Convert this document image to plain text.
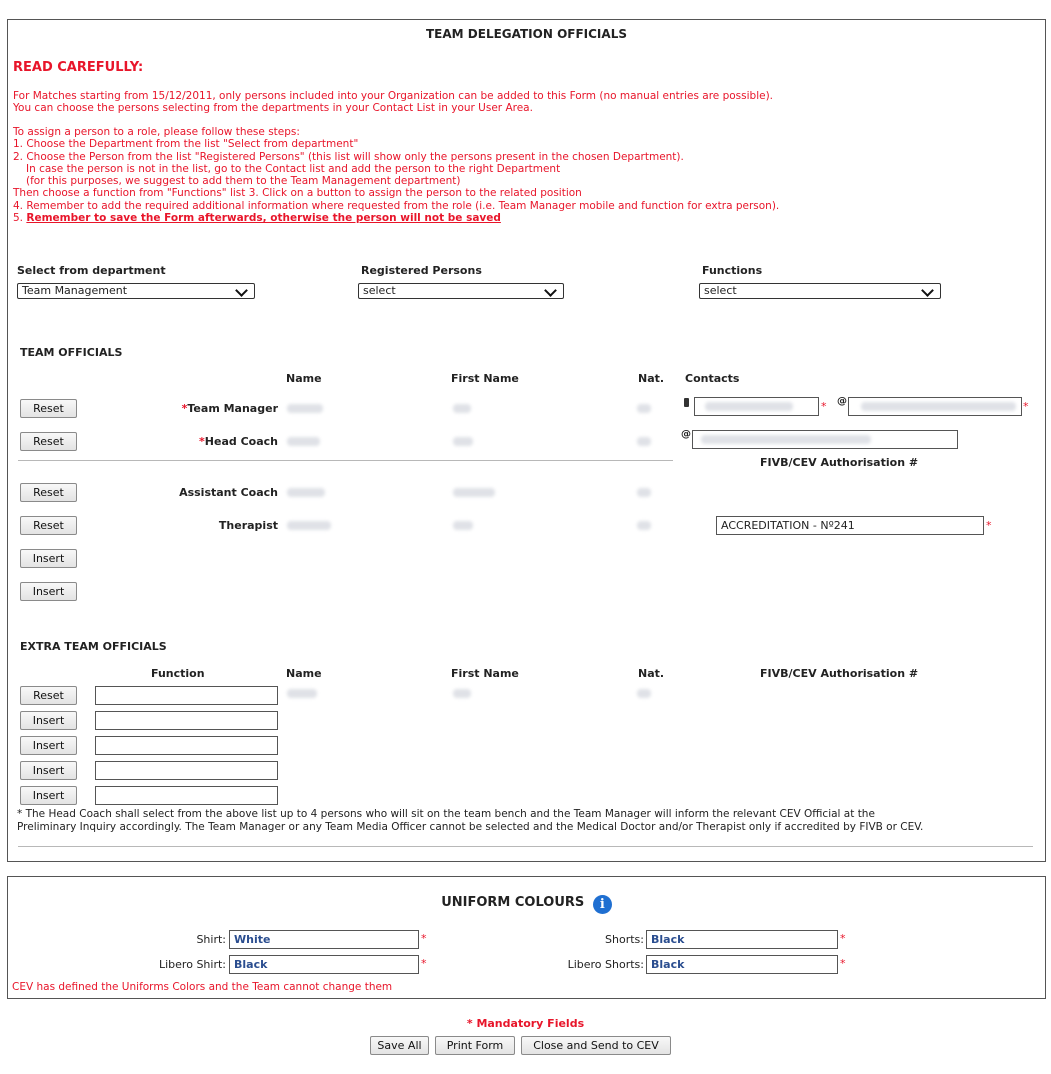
TEAM DELEGATION OFFICIALS
READ CAREFULLY:
For Matches starting from 15/12/2011, only persons included into your Organization can be added to this Form (no manual entries are possible).
You can choose the persons selecting from the departments in your Contact List in your User Area.
To assign a person to a role, please follow these steps:
1. Choose the Department from the list "Select from department"
2. Choose the Person from the list "Registered Persons" (this list will show only the persons present in the chosen Department).
In case the person is not in the list, go to the Contact list and add the person to the right Department
(for this purposes, we suggest to add them to the Team Management department)
Then choose a function from "Functions" list 3. Click on a button to assign the person to the related position
4. Remember to add the required additional information where requested from the role (i.e. Team Manager mobile and function for extra person).
5. Remember to save the Form afterwards, otherwise the person will not be saved
Select from department
Team Management
Registered Persons
select
Functions
select
TEAM OFFICIALS
Name	First Name	Nat. Contacts
Reset	*Team Manager	* @	*
Reset	*Head Coach
@
FIVB/CEV Authorisation #
Reset	Assistant Coach
Reset	Therapist	ACCREDITATION - Nº241	*
Insert
Insert
EXTRA TEAM OFFICIALS
Function	Name	First Name	Nat.	FIVB/CEV Authorisation #
Reset
Insert
Insert
Insert
Insert
* The Head Coach shall select from the above list up to 4 persons who will sit on the team bench and the Team Manager will inform the relevant CEV Official at the
Preliminary Inquiry accordingly. The Team Manager or any Team Media Officer cannot be selected and the Medical Doctor and/or Therapist only if accredited by FIVB or CEV.
UNIFORM COLOURS i
Shirt: White	*	Shorts: Black	*
Libero Shirt: Black	*	Libero Shorts: Black	*
CEV has defined the Uniforms Colors and the Team cannot change them
* Mandatory Fields
Save All	Print Form	Close and Send to CEV
